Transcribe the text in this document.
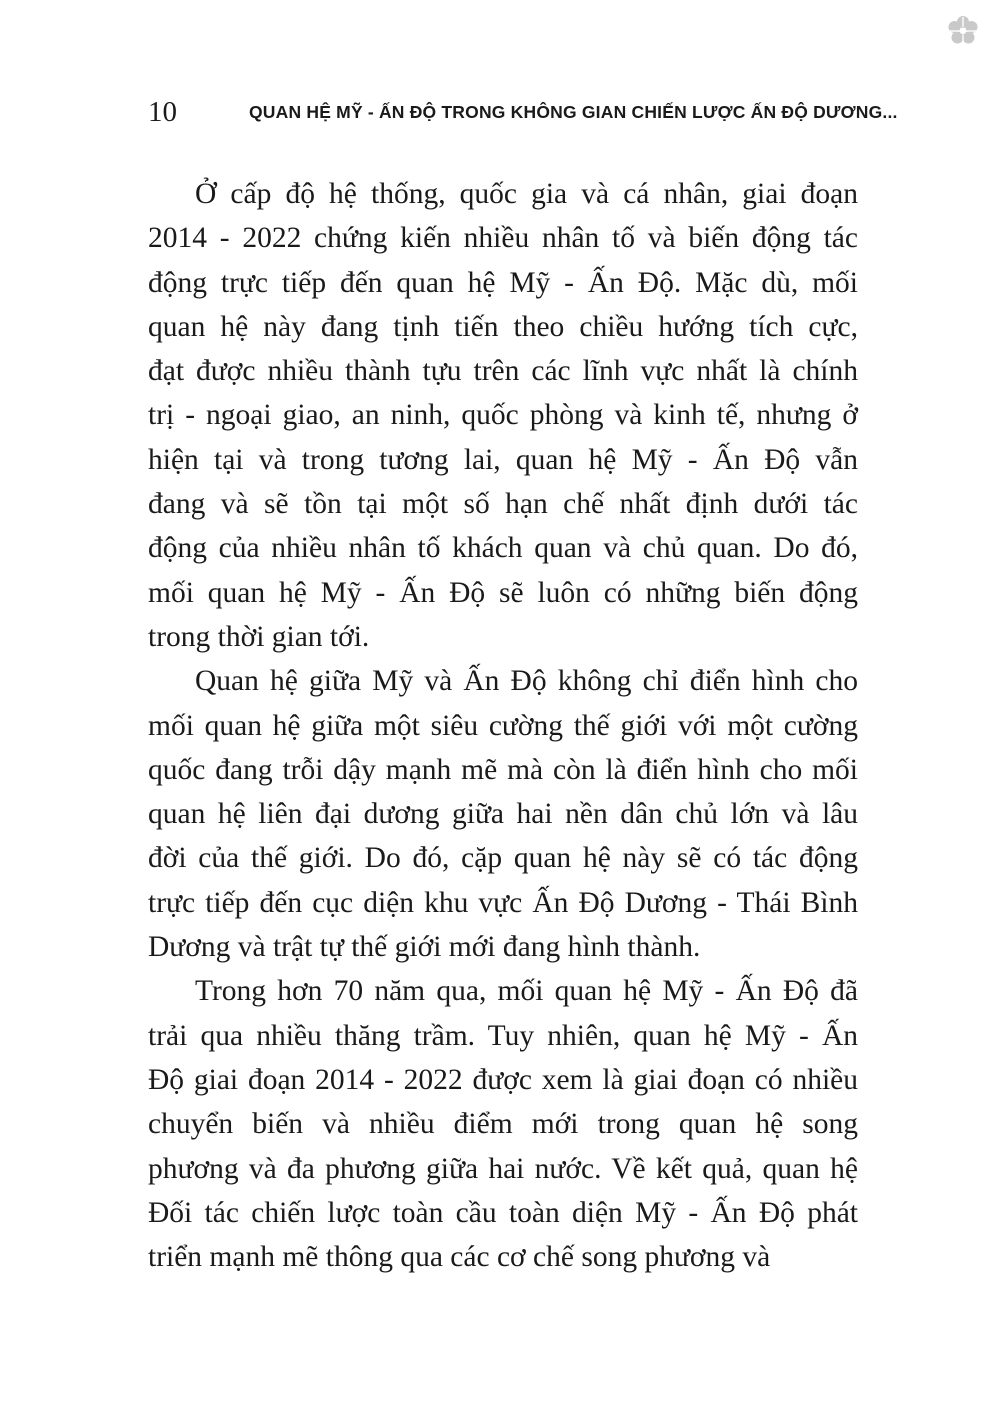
10	QUAN HỆ MỸ - ẤN ĐỘ TRONG KHÔNG GIAN CHIẾN LƯỢC ẤN ĐỘ DƯƠNG...
Ở cấp độ hệ thống, quốc gia và cá nhân, giai đoạn
2014 - 2022 chứng kiến nhiều nhân tố và biến động tác
động trực tiếp đến quan hệ Mỹ - Ấn Độ. Mặc dù, mối
quan hệ này đang tịnh tiến theo chiều hướng tích cực,
đạt được nhiều thành tựu trên các lĩnh vực nhất là chính
trị - ngoại giao, an ninh, quốc phòng và kinh tế, nhưng ở
hiện tại và trong tương lai, quan hệ Mỹ - Ấn Độ vẫn
đang và sẽ tồn tại một số hạn chế nhất định dưới tác
động của nhiều nhân tố khách quan và chủ quan. Do đó,
mối quan hệ Mỹ - Ấn Độ sẽ luôn có những biến động
trong thời gian tới.
Quan hệ giữa Mỹ và Ấn Độ không chỉ điển hình cho
mối quan hệ giữa một siêu cường thế giới với một cường
quốc đang trỗi dậy mạnh mẽ mà còn là điển hình cho mối
quan hệ liên đại dương giữa hai nền dân chủ lớn và lâu
đời của thế giới. Do đó, cặp quan hệ này sẽ có tác động
trực tiếp đến cục diện khu vực Ấn Độ Dương - Thái Bình
Dương và trật tự thế giới mới đang hình thành.
Trong hơn 70 năm qua, mối quan hệ Mỹ - Ấn Độ đã
trải qua nhiều thăng trầm. Tuy nhiên, quan hệ Mỹ - Ấn
Độ giai đoạn 2014 - 2022 được xem là giai đoạn có nhiều
chuyển biến và nhiều điểm mới trong quan hệ song
phương và đa phương giữa hai nước. Về kết quả, quan hệ
Đối tác chiến lược toàn cầu toàn diện Mỹ - Ấn Độ phát
triển mạnh mẽ thông qua các cơ chế song phương và
